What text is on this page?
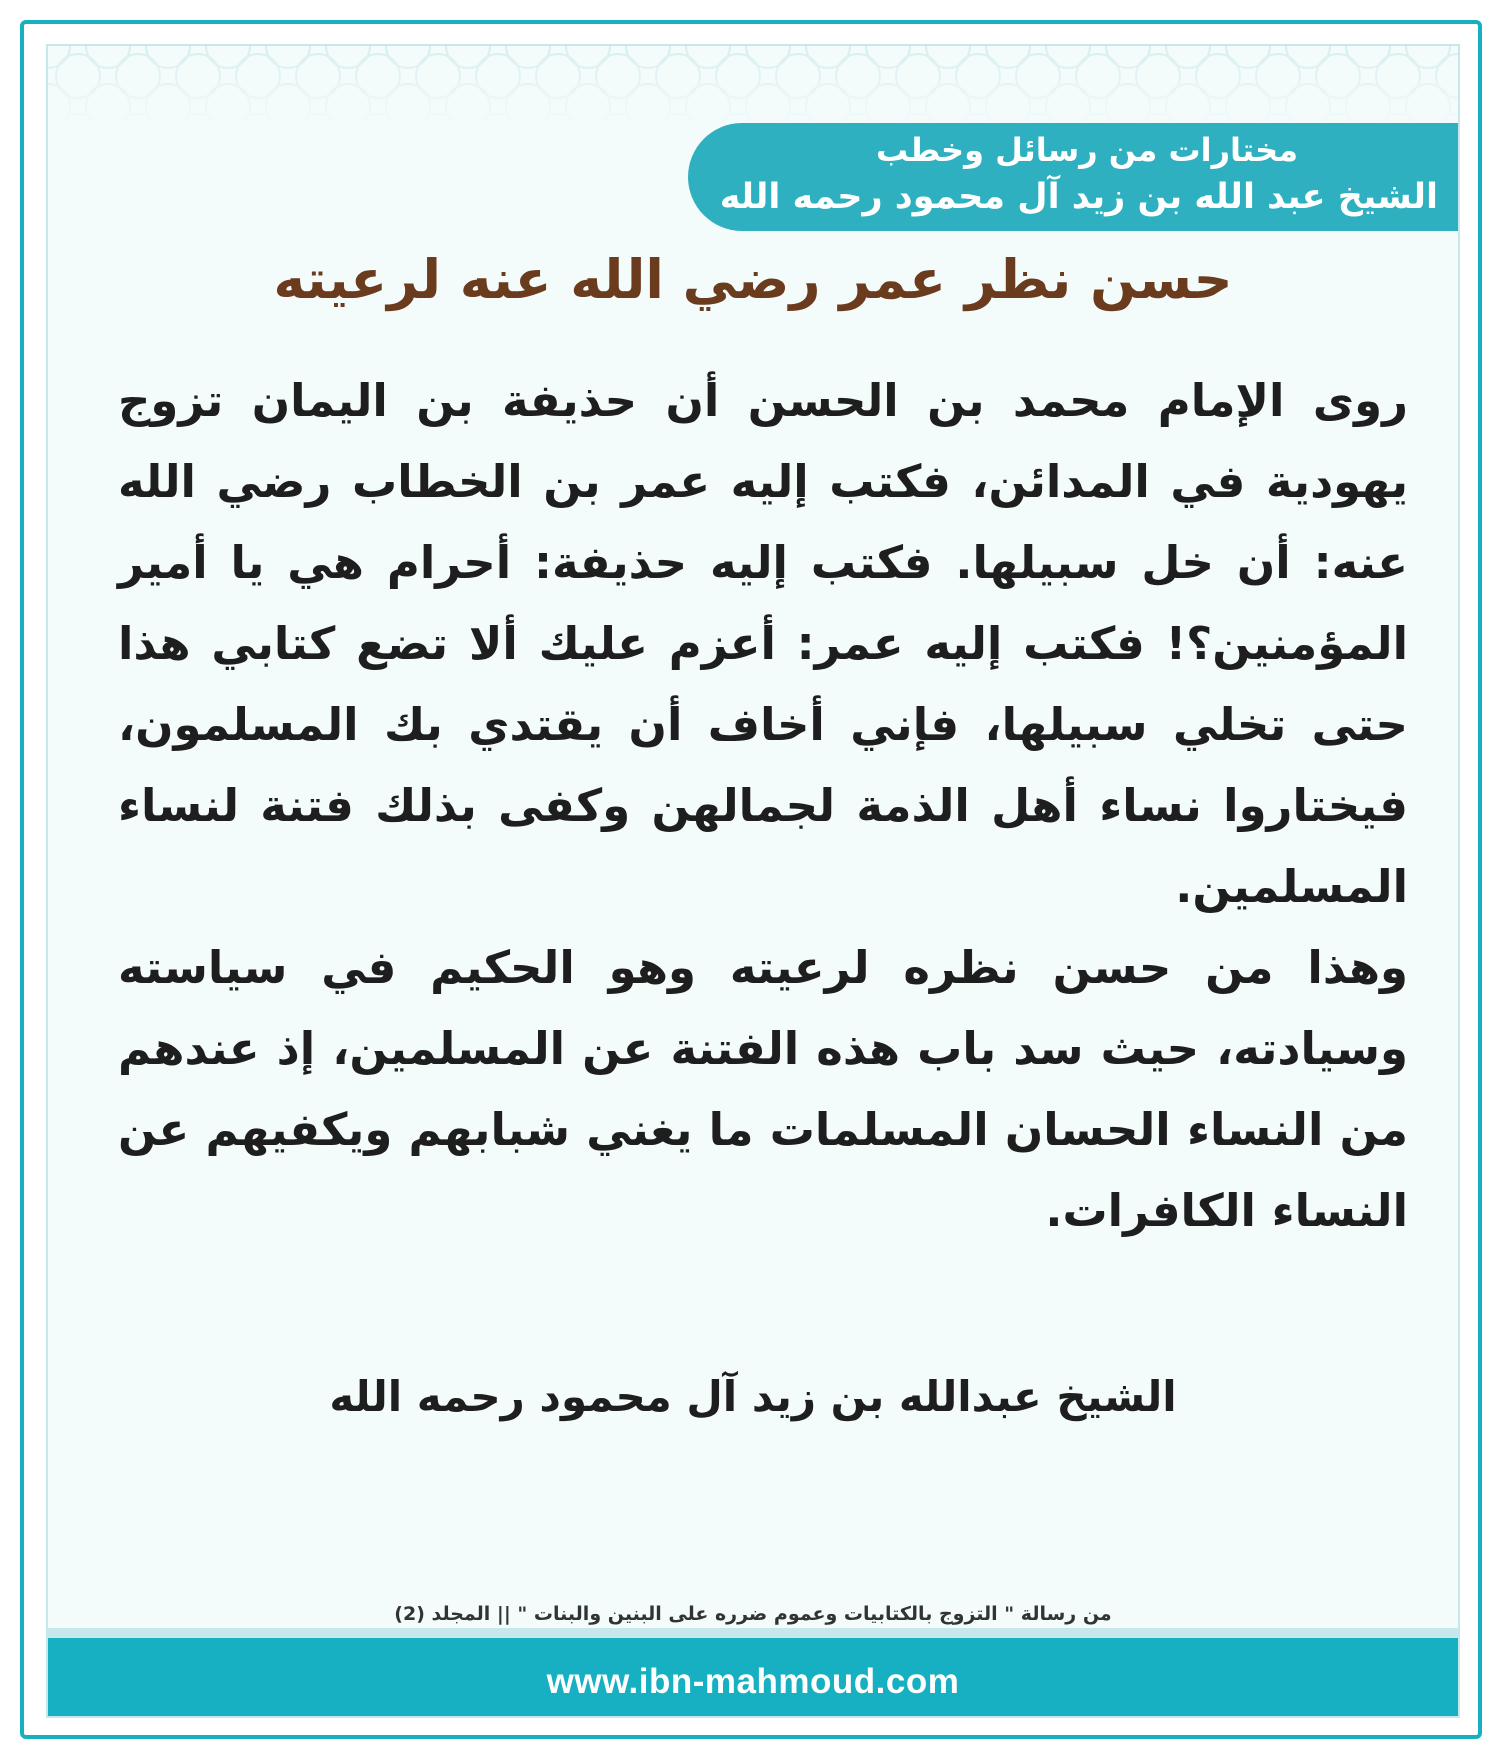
مختارات من رسائل وخطب
الشيخ عبد الله بن زيد آل محمود رحمه الله
حسن نظر عمر رضي الله عنه لرعيته

روى الإمام محمد بن الحسن أن حذيفة بن اليمان تزوج يهودية في المدائن، فكتب إليه عمر بن الخطاب رضي الله عنه: أن خل سبيلها. فكتب إليه حذيفة: أحرام هي يا أمير المؤمنين؟! فكتب إليه عمر: أعزم عليك ألا تضع كتابي هذا حتى تخلي سبيلها، فإني أخاف أن يقتدي بك المسلمون، فيختاروا نساء أهل الذمة لجمالهن وكفى بذلك فتنة لنساء المسلمين.

وهذا من حسن نظره لرعيته وهو الحكيم في سياسته وسيادته، حيث سد باب هذه الفتنة عن المسلمين، إذ عندهم من النساء الحسان المسلمات ما يغني شبابهم ويكفيهم عن النساء الكافرات.

الشيخ عبدالله بن زيد آل محمود رحمه الله
من رسالة " التزوج بالكتابيات وعموم ضرره على البنين والبنات " || المجلد (2)
www.ibn-mahmoud.com
